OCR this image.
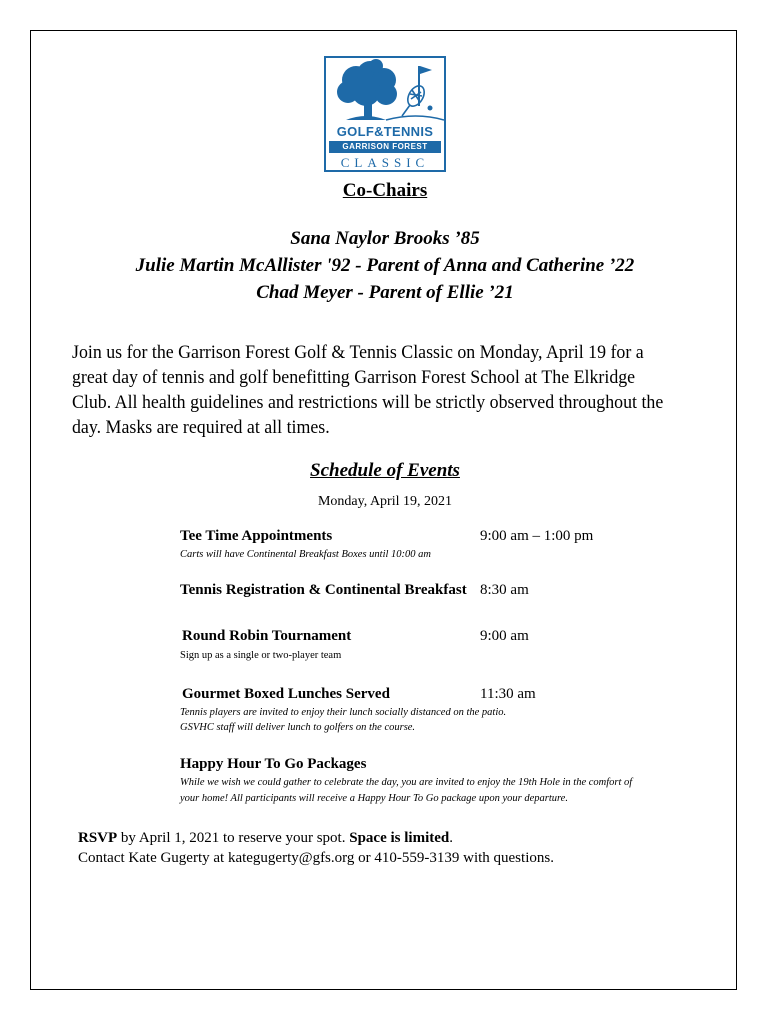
GOLF&TENNIS
GARRISON FOREST
CLASSIC
Co-Chairs
Sana Naylor Brooks ’85
Julie Martin McAllister '92 - Parent of Anna and Catherine ’22
Chad Meyer - Parent of Ellie ’21
Join us for the Garrison Forest Golf & Tennis Classic on Monday, April 19 for a great day of tennis and golf benefitting Garrison Forest School at The Elkridge Club. All health guidelines and restrictions will be strictly observed throughout the day. Masks are required at all times.
Schedule of Events
Monday, April 19, 2021
Tee Time Appointments	9:00 am – 1:00 pm
Carts will have Continental Breakfast Boxes until 10:00 am
Tennis Registration & Continental Breakfast 8:30 am
Round Robin Tournament	9:00 am
Sign up as a single or two-player team
Gourmet Boxed Lunches Served	11:30 am
Tennis players are invited to enjoy their lunch socially distanced on the patio.
GSVHC staff will deliver lunch to golfers on the course.
Happy Hour To Go Packages
While we wish we could gather to celebrate the day, you are invited to enjoy the 19th Hole in the comfort of
your home! All participants will receive a Happy Hour To Go package upon your departure.
RSVP by April 1, 2021 to reserve your spot. Space is limited.
Contact Kate Gugerty at kategugerty@gfs.org or 410-559-3139 with questions.
